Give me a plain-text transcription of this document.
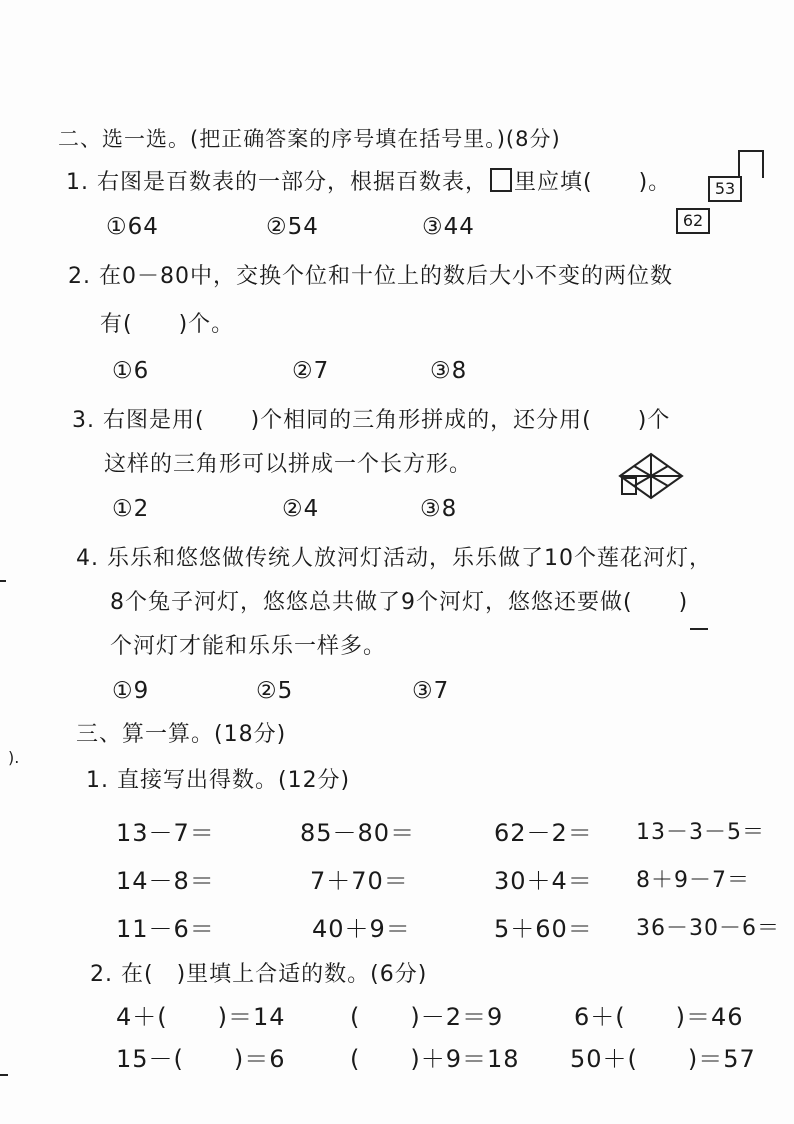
二、选一选。(把正确答案的序号填在括号里。)(8分)
1. 右图是百数表的一部分，根据百数表， 里应填(　　)。
①64	②54	③44
53
62
2. 在0－80中，交换个位和十位上的数后大小不变的两位数
有(　　)个。
①6	②7	③8
3. 右图是用(　　)个相同的三角形拼成的，还分用(　　)个
这样的三角形可以拼成一个长方形。
①2	②4	③8
4. 乐乐和悠悠做传统人放河灯活动，乐乐做了10个莲花河灯，
8个兔子河灯，悠悠总共做了9个河灯，悠悠还要做(　　)
个河灯才能和乐乐一样多。
①9	②5	③7
三、算一算。(18分)
1. 直接写出得数。(12分)
13－7＝	85－80＝	62－2＝ 13－3－5＝
14－8＝	7＋70＝	30＋4＝ 8＋9－7＝
11－6＝	40＋9＝	5＋60＝ 36－30－6＝
2. 在(　)里填上合适的数。(6分)
4＋(　　)＝14	(　　)－2＝9	6＋(　　)＝46
15－(　　)＝6	(　　)＋9＝18 50＋(　　)＝57
).
